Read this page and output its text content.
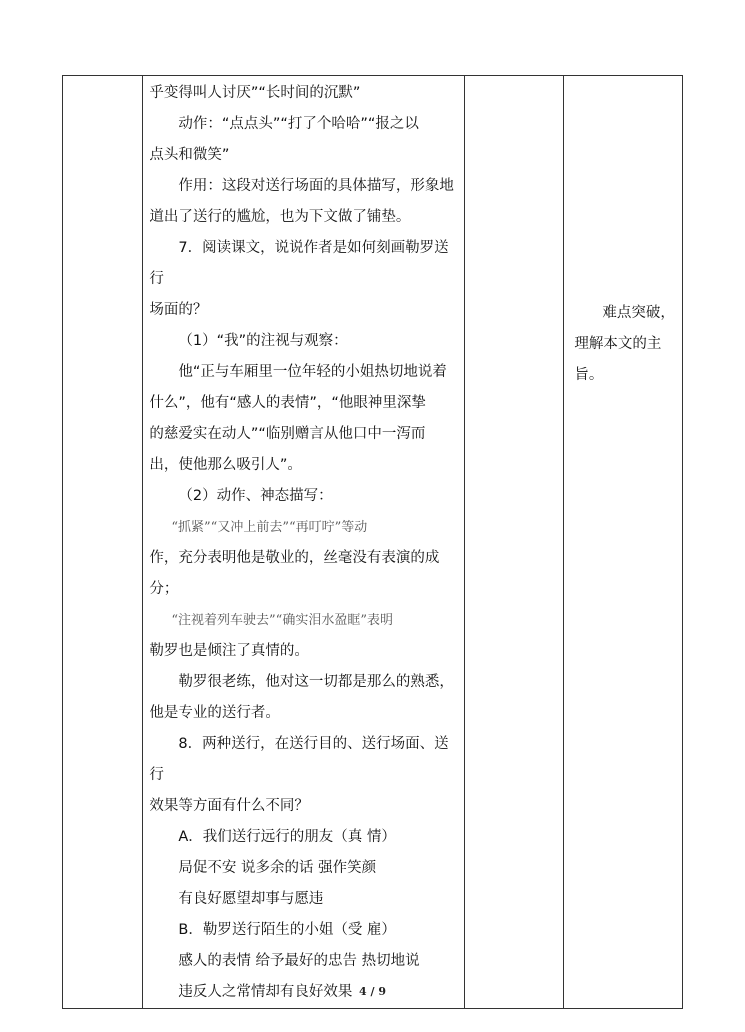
乎变得叫人讨厌”“长时间的沉默”

动作：“点点头”“打了个哈哈”“报之以

点头和微笑”

作用：这段对送行场面的具体描写，形象地

道出了送行的尴尬，也为下文做了铺垫。

7．阅读课文，说说作者是如何刻画勒罗送行

场面的？

（1）“我”的注视与观察：

他“正与车厢里一位年轻的小姐热切地说着

什么”，他有“感人的表情”，“他眼神里深挚

的慈爱实在动人”“临别赠言从他口中一泻而

出，使他那么吸引人”。

（2）动作、神态描写：

“抓紧”“又冲上前去”“再叮咛”等动

作，充分表明他是敬业的，丝毫没有表演的成

分；

“注视着列车驶去”“确实泪水盈眶”表明

勒罗也是倾注了真情的。

勒罗很老练，他对这一切都是那么的熟悉，

他是专业的送行者。

8．两种送行，在送行目的、送行场面、送行

效果等方面有什么不同？

A．我们送行远行的朋友（真 情）

局促不安 说多余的话 强作笑颜

有良好愿望却事与愿违

B．勒罗送行陌生的小姐（受 雇）

感人的表情 给予最好的忠告 热切地说

违反人之常情却有良好效果

难点突破，

理解本文的主

旨。

4 / 9
